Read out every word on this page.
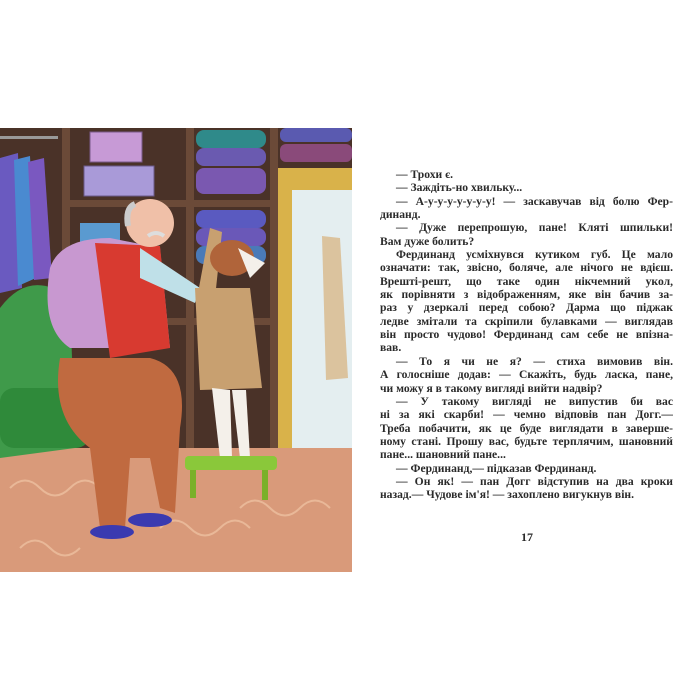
— Трохи є.
— Заждіть-но хвильку...
— А-у-у-у-у-у-у-у! — заскавучав від болю Фер-
динанд.
— Дуже перепрошую, пане! Кляті шпильки!
Вам дуже болить?
Фердинанд усміхнувся кутиком губ. Це мало
означати: так, звісно, боляче, але нічого не вдієш.
Врешті-решт, що таке один нікчемний укол,
як порівняти з відображенням, яке він бачив за-
раз у дзеркалі перед собою? Дарма що піджак
ледве змітали та скріпили булавками — виглядав
він просто чудово! Фердинанд сам себе не впізна-
вав.
— То я чи не я? — стиха вимовив він.
А голосніше додав: — Скажіть, будь ласка, пане,
чи можу я в такому вигляді вийти надвір?
— У такому вигляді не випустив би вас
ні за які скарби! — чемно відповів пан Догг.—
Треба побачити, як це буде виглядати в заверше-
ному стані. Прошу вас, будьте терплячим, шановний
пане... шановний пане...
— Фердинанд,— підказав Фердинанд.
— Он як! — пан Догг відступив на два кроки
назад.— Чудове ім'я! — захоплено вигукнув він.
17
